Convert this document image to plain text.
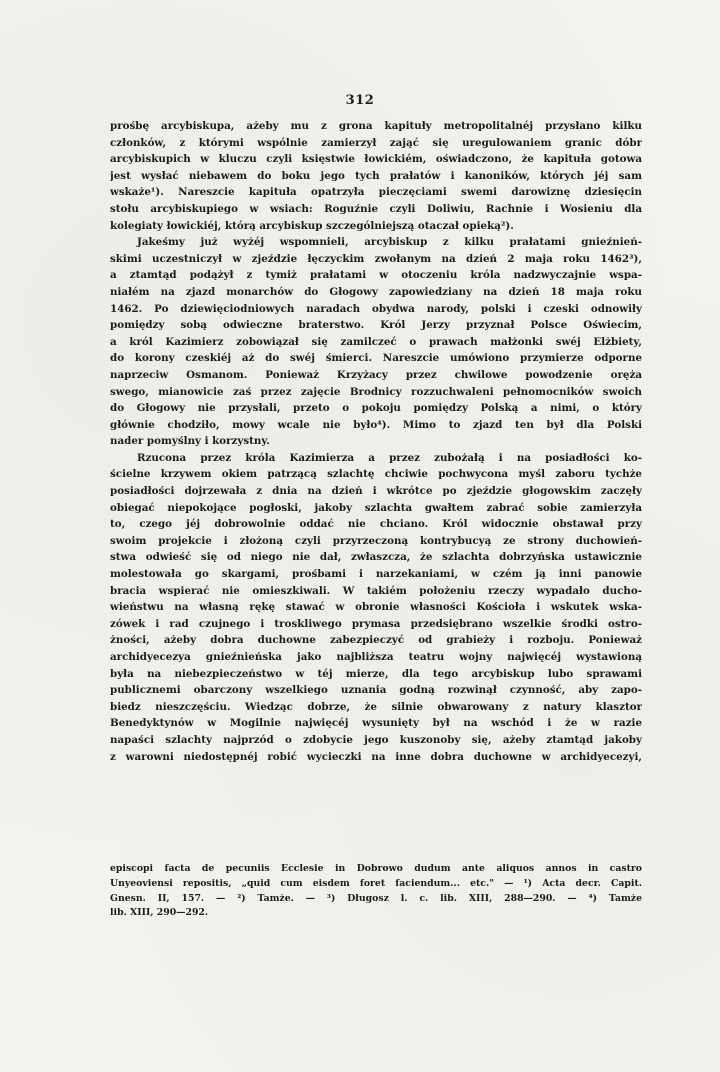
312
prośbę arcybiskupa, ażeby mu z grona kapituły metropolitalnéj przysłano kilku
członków, z którymi wspólnie zamierzył zająć się uregulowaniem granic dóbr
arcybiskupich w kluczu czyli księstwie łowickiém, oświadczono, że kapituła gotowa
jest wysłać niebawem do boku jego tych prałatów i kanoników, których jéj sam
wskaże¹). Nareszcie kapituła opatrzyła pieczęciami swemi darowiznę dziesięcin
stołu arcybiskupiego w wsiach: Roguźnie czyli Doliwiu, Rachnie i Wosieniu dla
kolegiaty łowickiéj, którą arcybiskup szczególniejszą otaczał opieką²).
Jakeśmy już wyżéj wspomnieli, arcybiskup z kilku prałatami gnieźnień-
skimi uczestniczył w zjeździe łęczyckim zwołanym na dzień 2 maja roku 1462³),
a ztamtąd podążył z tymiż prałatami w otoczeniu króla nadzwyczajnie wspa-
niałém na zjazd monarchów do Głogowy zapowiedziany na dzień 18 maja roku
1462. Po dziewięciodniowych naradach obydwa narody, polski i czeski odnowiły
pomiędzy sobą odwieczne braterstwo. Król Jerzy przyznał Polsce Oświecim,
a król Kazimierz zobowiązał się zamilczeć o prawach małżonki swéj Elżbiety,
do korony czeskiéj aż do swéj śmierci. Nareszcie umówiono przymierze odporne
naprzeciw Osmanom. Ponieważ Krzyżacy przez chwilowe powodzenie oręża
swego, mianowicie zaś przez zajęcie Brodnicy rozzuchwaleni pełnomocników swoich
do Głogowy nie przysłali, przeto o pokoju pomiędzy Polską a nimi, o który
głównie chodziło, mowy wcale nie było⁴). Mimo to zjazd ten był dla Polski
nader pomyślny i korzystny.
Rzucona przez króla Kazimierza a przez zubożałą i na posiadłości ko-
ścielne krzywem okiem patrzącą szlachtę chciwie pochwycona myśl zaboru tychże
posiadłości dojrzewała z dnia na dzień i wkrótce po zjeździe głogowskim zaczęły
obiegać niepokojące pogłoski, jakoby szlachta gwałtem zabrać sobie zamierzyła
to, czego jéj dobrowolnie oddać nie chciano. Król widocznie obstawał przy
swoim projekcie i złożoną czyli przyrzeczoną kontrybucyą ze strony duchowień-
stwa odwieść się od niego nie dał, zwłaszcza, że szlachta dobrzyńska ustawicznie
molestowała go skargami, prośbami i narzekaniami, w czém ją inni panowie
bracia wspierać nie omieszkiwali. W takiém położeniu rzeczy wypadało ducho-
wieństwu na własną rękę stawać w obronie własności Kościoła i wskutek wska-
zówek i rad czujnego i troskliwego prymasa przedsiębrano wszelkie środki ostro-
żności, ażeby dobra duchowne zabezpieczyć od grabieży i rozboju. Ponieważ
archidyecezya gnieźnieńska jako najbliższa teatru wojny najwięcéj wystawioną
była na niebezpieczeństwo w téj mierze, dla tego arcybiskup lubo sprawami
publicznemi obarczony wszelkiego uznania godną rozwinął czynność, aby zapo-
biedz nieszczęściu. Wiedząc dobrze, że silnie obwarowany z natury klasztor
Benedyktynów w Mogilnie najwięcéj wysunięty był na wschód i że w razie
napaści szlachty najprzód o zdobycie jego kuszonoby się, ażeby ztamtąd jakoby
z warowni niedostępnéj robić wycieczki na inne dobra duchowne w archidyecezyi,
episcopi facta de pecuniis Ecclesie in Dobrowo dudum ante aliquos annos in castro
Unyeoviensi repositis, „quid cum eisdem foret faciendum... etc." — ¹) Acta decr. Capit.
Gnesn. II, 157. — ²) Tamże. — ³) Długosz l. c. lib. XIII, 288—290. — ⁴) Tamże
lib. XIII, 290—292.
